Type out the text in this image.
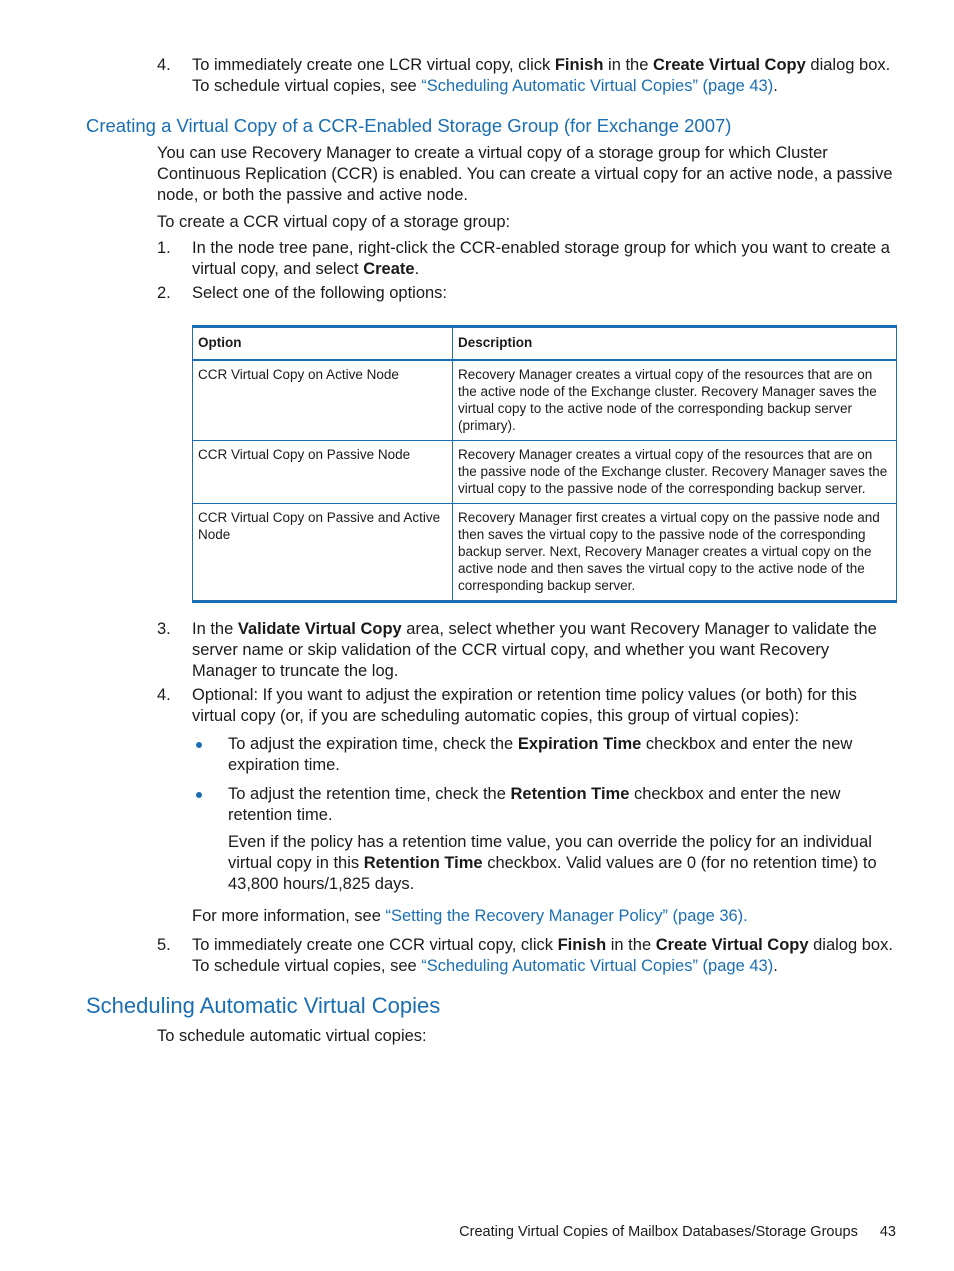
4. To immediately create one LCR virtual copy, click Finish in the Create Virtual Copy dialog box.
To schedule virtual copies, see “Scheduling Automatic Virtual Copies” (page 43).
Creating a Virtual Copy of a CCR-Enabled Storage Group (for Exchange 2007)
You can use Recovery Manager to create a virtual copy of a storage group for which Cluster Continuous Replication (CCR) is enabled. You can create a virtual copy for an active node, a passive node, or both the passive and active node.
To create a CCR virtual copy of a storage group:
1. In the node tree pane, right-click the CCR-enabled storage group for which you want to create a virtual copy, and select Create.
2. Select one of the following options:
Option	Description
CCR Virtual Copy on Active Node	Recovery Manager creates a virtual copy of the resources that are on the active node of the Exchange cluster. Recovery Manager saves the virtual copy to the active node of the corresponding backup server (primary).
CCR Virtual Copy on Passive Node	Recovery Manager creates a virtual copy of the resources that are on the passive node of the Exchange cluster. Recovery Manager saves the virtual copy to the passive node of the corresponding backup server.
CCR Virtual Copy on Passive and Active Node	Recovery Manager first creates a virtual copy on the passive node and then saves the virtual copy to the passive node of the corresponding backup server. Next, Recovery Manager creates a virtual copy on the active node and then saves the virtual copy to the active node of the corresponding backup server.
3. In the Validate Virtual Copy area, select whether you want Recovery Manager to validate the server name or skip validation of the CCR virtual copy, and whether you want Recovery Manager to truncate the log.
4. Optional: If you want to adjust the expiration or retention time policy values (or both) for this virtual copy (or, if you are scheduling automatic copies, this group of virtual copies):
To adjust the expiration time, check the Expiration Time checkbox and enter the new expiration time.
To adjust the retention time, check the Retention Time checkbox and enter the new retention time.
Even if the policy has a retention time value, you can override the policy for an individual virtual copy in this Retention Time checkbox. Valid values are 0 (for no retention time) to 43,800 hours/1,825 days.
For more information, see “Setting the Recovery Manager Policy” (page 36).
5. To immediately create one CCR virtual copy, click Finish in the Create Virtual Copy dialog box. To schedule virtual copies, see “Scheduling Automatic Virtual Copies” (page 43).
Scheduling Automatic Virtual Copies
To schedule automatic virtual copies:
Creating Virtual Copies of Mailbox Databases/Storage Groups 43
